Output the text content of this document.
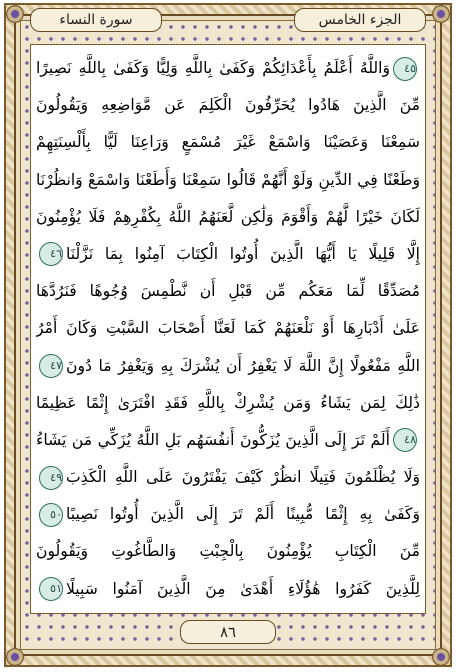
سورة النساء	الجزء الخامس
٤٥وَاللَّهُ أَعْلَمُ بِأَعْدَائِكُمْ وَكَفَىٰ بِاللَّهِ وَلِيًّا وَكَفَىٰ بِاللَّهِ نَصِيرًا
مِّنَ الَّذِينَ هَادُوا يُحَرِّفُونَ الْكَلِمَ عَن مَّوَاضِعِهِ وَيَقُولُونَ
سَمِعْنَا وَعَصَيْنَا وَاسْمَعْ غَيْرَ مُسْمَعٍ وَرَاعِنَا لَيًّا بِأَلْسِنَتِهِمْ
وَطَعْنًا فِي الدِّينِ وَلَوْ أَنَّهُمْ قَالُوا سَمِعْنَا وَأَطَعْنَا وَاسْمَعْ وَانظُرْنَا
لَكَانَ خَيْرًا لَّهُمْ وَأَقْوَمَ وَلَٰكِن لَّعَنَهُمُ اللَّهُ بِكُفْرِهِمْ فَلَا يُؤْمِنُونَ
إِلَّا قَلِيلًا يَا أَيُّهَا الَّذِينَ أُوتُوا الْكِتَابَ آمِنُوا بِمَا نَزَّلْنَا٤٦
مُصَدِّقًا لِّمَا مَعَكُم مِّن قَبْلِ أَن نَّطْمِسَ وُجُوهًا فَنَرُدَّهَا
عَلَىٰ أَدْبَارِهَا أَوْ نَلْعَنَهُمْ كَمَا لَعَنَّا أَصْحَابَ السَّبْتِ وَكَانَ أَمْرُ
اللَّهِ مَفْعُولًا إِنَّ اللَّهَ لَا يَغْفِرُ أَن يُشْرَكَ بِهِ وَيَغْفِرُ مَا دُونَ٤٧
ذَٰلِكَ لِمَن يَشَاءُ وَمَن يُشْرِكْ بِاللَّهِ فَقَدِ افْتَرَىٰ إِثْمًا عَظِيمًا
٤٨أَلَمْ تَرَ إِلَى الَّذِينَ يُزَكُّونَ أَنفُسَهُم بَلِ اللَّهُ يُزَكِّي مَن يَشَاءُ
وَلَا يُظْلَمُونَ فَتِيلًا انظُرْ كَيْفَ يَفْتَرُونَ عَلَى اللَّهِ الْكَذِبَ٤٩
وَكَفَىٰ بِهِ إِثْمًا مُّبِينًا أَلَمْ تَرَ إِلَى الَّذِينَ أُوتُوا نَصِيبًا٥٠
مِّنَ الْكِتَابِ يُؤْمِنُونَ بِالْجِبْتِ وَالطَّاغُوتِ وَيَقُولُونَ
لِلَّذِينَ كَفَرُوا هَٰؤُلَاءِ أَهْدَىٰ مِنَ الَّذِينَ آمَنُوا سَبِيلًا٥١
٨٦
